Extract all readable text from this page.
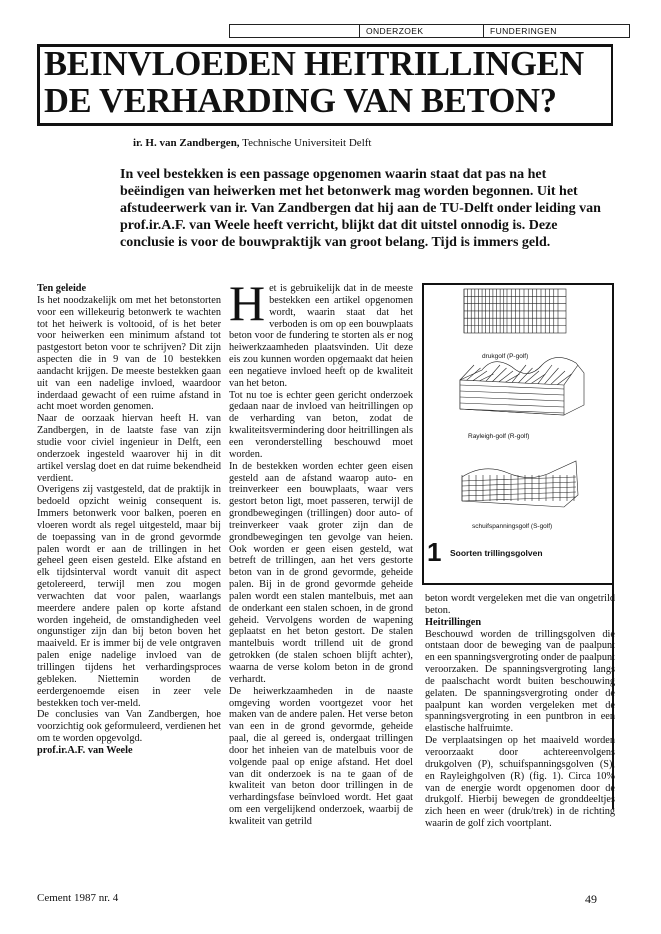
ONDERZOEK	FUNDERINGEN
BEINVLOEDEN HEITRILLINGEN
DE VERHARDING VAN BETON?

ir. H. van Zandbergen, Technische Universiteit Delft

In veel bestekken is een passage opgenomen waarin staat dat pas na het beëindigen van heiwerken met het betonwerk mag worden begonnen. Uit het afstudeerwerk van ir. Van Zandbergen dat hij aan de TU-Delft onder leiding van prof.ir.A.F. van Weele heeft verricht, blijkt dat dit uitstel onnodig is. Deze conclusie is voor de bouwpraktijk van groot belang. Tijd is immers geld.

Ten geleide

Is het noodzakelijk om met het betonstorten voor een willekeurig betonwerk te wachten tot het heiwerk is voltooid, of is het beter voor heiwerken een minimum afstand tot pastgestort beton voor te schrijven? Dit zijn aspecten die in 9 van de 10 bestekken aandacht krijgen. De meeste bestekken gaan uit van een nadelige invloed, waardoor inderdaad gewacht of een ruime afstand in acht moet worden genomen.

Naar de oorzaak hiervan heeft H. van Zandbergen, in de laatste fase van zijn studie voor civiel ingenieur in Delft, een onderzoek ingesteld waarover hij in dit artikel verslag doet en dat ruime bekendheid verdient.

Overigens zij vastgesteld, dat de praktijk in bedoeld opzicht weinig consequent is. Immers betonwerk voor balken, poeren en vloeren wordt als regel uitgesteld, maar bij de toepassing van in de grond gevormde palen wordt er aan de trillingen in het geheel geen eisen gesteld. Elke afstand en elk tijdsinterval wordt vanuit dit aspect getolereerd, terwijl men zou mogen verwachten dat voor palen, waarlangs meerdere andere palen op korte afstand worden ingeheid, de omstandigheden veel ongunstiger zijn dan bij beton boven het maaiveld. Er is immer bij de vele ontgraven palen enige nadelige invloed van de trillingen tijdens het verhardingsproces gebleken. Niettemin worden de eerdergenoemde eisen in zeer vele bestekken toch ver-meld.

De conclusies van Van Zandbergen, hoe voorzichtig ook geformuleerd, verdienen het om te worden opgevolgd.

prof.ir.A.F. van Weele

Het is gebruikelijk dat in de meeste bestekken een artikel opgenomen wordt, waarin staat dat het verboden is om op een bouwplaats beton voor de fundering te storten als er nog heiwerkzaamheden plaatsvinden. Uit deze eis zou kunnen worden opgemaakt dat heien een negatieve invloed heeft op de kwaliteit van het beton.

Tot nu toe is echter geen gericht onderzoek gedaan naar de invloed van heitrillingen op de verharding van beton, zodat de kwaliteitsvermindering door heitrillingen als een veronderstelling beschouwd moet worden.

In de bestekken worden echter geen eisen gesteld aan de afstand waarop auto- en treinverkeer een bouwplaats, waar vers gestort beton ligt, moet passeren, terwijl de grondbewegingen (trillingen) door auto- of treinverkeer vaak groter zijn dan de grondbewegingen ten gevolge van heien. Ook worden er geen eisen gesteld, wat betreft de trillingen, aan het vers gestorte beton van in de grond gevormde, geheide palen. Bij in de grond gevormde geheide palen wordt een stalen mantelbuis, met aan de onderkant een stalen schoen, in de grond geheid. Vervolgens worden de wapening geplaatst en het beton gestort. De stalen mantelbuis wordt trillend uit de grond getrokken (de stalen schoen blijft achter), waarna de verse kolom beton in de grond verhardt.

De heiwerkzaamheden in de naaste omgeving worden voortgezet voor het maken van de andere palen. Het verse beton van een in de grond gevormde, geheide paal, die al gereed is, ondergaat trillingen door het inheien van de matelbuis voor de volgende paal op enige afstand. Het doel van dit onderzoek is na te gaan of de kwaliteit van beton door trillingen in de verhardingsfase beïnvloed wordt. Het gaat om een vergelijkend onderzoek, waarbij de kwaliteit van getrild

drukgolf (P-golf)
Rayleigh-golf (R-golf)
schuifspanningsgolf (S-golf)
1 Soorten trillingsgolven

beton wordt vergeleken met die van ongetrild beton.

Heitrillingen

Beschouwd worden de trillingsgolven die ontstaan door de beweging van de paalpunt en een spanningsvergroting onder de paalpunt veroorzaken. De spanningsvergroting langs de paalschacht wordt buiten beschouwing gelaten. De spanningsvergroting onder de paalpunt kan worden vergeleken met de spanningsvergroting in een puntbron in een elastische halfruimte.

De verplaatsingen op het maaiveld worden veroorzaakt door achtereenvolgens drukgolven (P), schuifspanningsgolven (S), en Rayleighgolven (R) (fig. 1). Circa 10% van de energie wordt opgenomen door de drukgolf. Hierbij bewegen de gronddeeltjes zich heen en weer (druk/trek) in de richting waarin de golf zich voortplant.

Cement 1987 nr. 4	49
